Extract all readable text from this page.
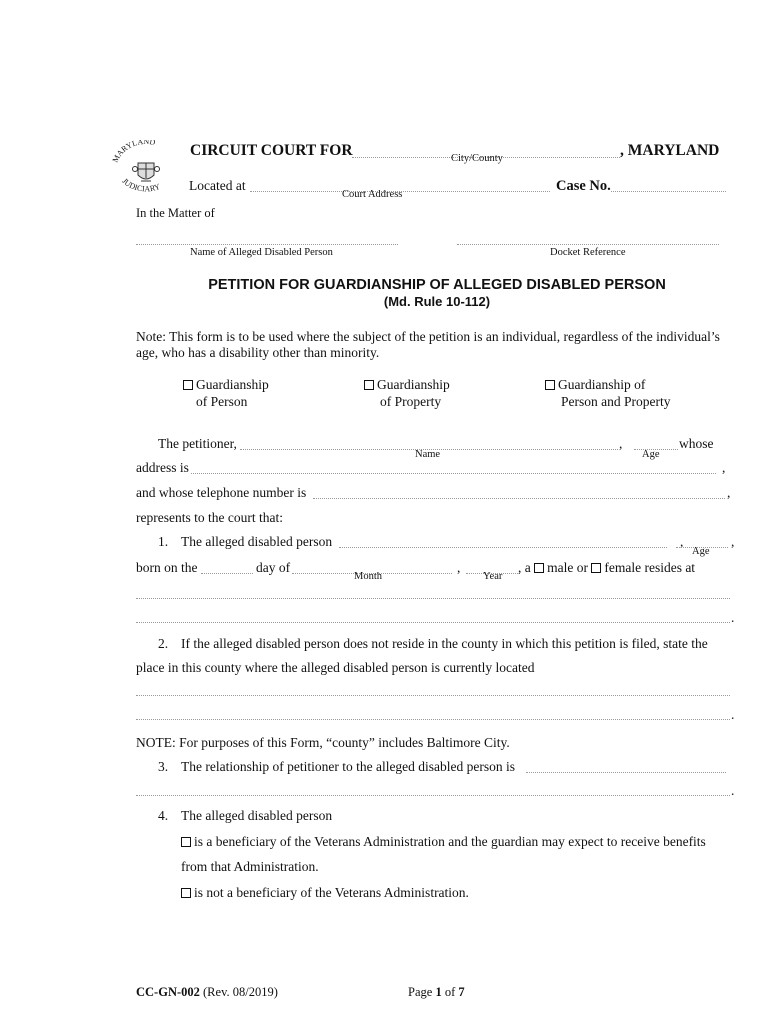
MARYLAND
JUDICIARY
CIRCUIT COURT FOR	City/County	, MARYLAND
Located at
Court Address
Case No.
In the Matter of
Name of Alleged Disabled Person	Docket Reference
PETITION FOR GUARDIANSHIP OF ALLEGED DISABLED PERSON
(Md. Rule 10-112)
Note: This form is to be used where the subject of the petition is an individual, regardless of the individual’s
age, who has a disability other than minority.
Guardianship
of Person
Guardianship
of Property
Guardianship of
Person and Property
The petitioner,
Name
,
Age
whose
address is	,
and whose telephone number is	,
represents to the court that:
1. The alleged disabled person	,
Age
,
born on the	day of
Month
,
Year
, a male or female resides at
.
2. If the alleged disabled person does not reside in the county in which this petition is filed, state the
place in this county where the alleged disabled person is currently located
.
NOTE: For purposes of this Form, “county” includes Baltimore City.
3. The relationship of petitioner to the alleged disabled person is
.
4. The alleged disabled person
is a beneficiary of the Veterans Administration and the guardian may expect to receive benefits
from that Administration.
is not a beneficiary of the Veterans Administration.
CC-GN-002 (Rev. 08/2019)	Page 1 of 7
